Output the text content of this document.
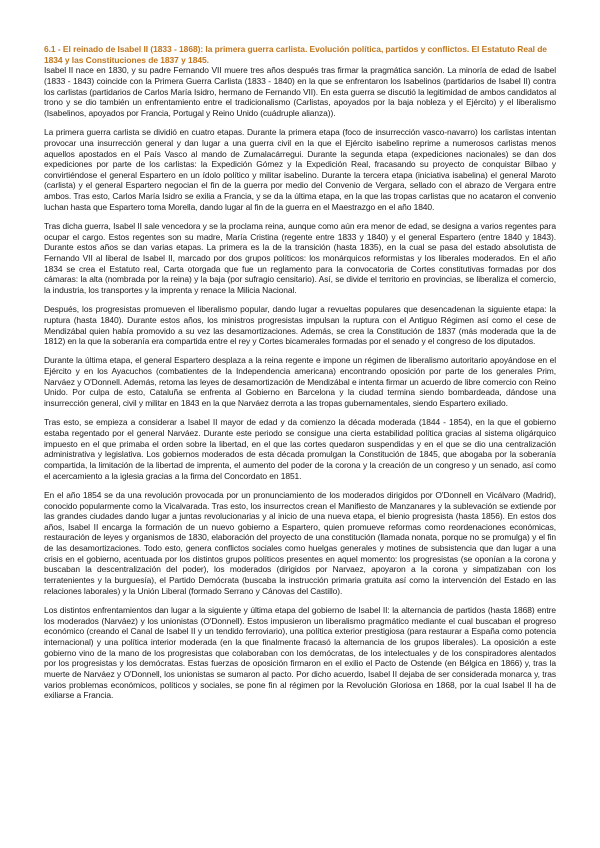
6.1 - El reinado de Isabel II (1833 - 1868): la primera guerra carlista. Evolución política, partidos y conflictos. El Estatuto Real de 1834 y las Constituciones de 1837 y 1845.

Isabel II nace en 1830, y su padre Fernando VII muere tres años después tras firmar la pragmática sanción. La minoría de edad de Isabel (1833 - 1843) coincide con la Primera Guerra Carlista (1833 - 1840) en la que se enfrentaron los Isabelinos (partidarios de Isabel II) contra los carlistas (partidarios de Carlos María Isidro, hermano de Fernando VII). En esta guerra se discutió la legitimidad de ambos candidatos al trono y se dio también un enfrentamiento entre el tradicionalismo (Carlistas, apoyados por la baja nobleza y el Ejército) y el liberalismo (Isabelinos, apoyados por Francia, Portugal y Reino Unido (cuádruple alianza)).

La primera guerra carlista se dividió en cuatro etapas. Durante la primera etapa (foco de insurrección vasco-navarro) los carlistas intentan provocar una insurrección general y dan lugar a una guerra civil en la que el Ejército isabelino reprime a numerosos carlistas menos aquellos apostados en el País Vasco al mando de Zumalacárregui. Durante la segunda etapa (expediciones nacionales) se dan dos expediciones por parte de los carlistas: la Expedición Gómez y la Expedición Real, fracasando su proyecto de conquistar Bilbao y convirtiéndose el general Espartero en un ídolo político y militar isabelino. Durante la tercera etapa (iniciativa isabelina) el general Maroto (carlista) y el general Espartero negocian el fin de la guerra por medio del Convenio de Vergara, sellado con el abrazo de Vergara entre ambos. Tras esto, Carlos María Isidro se exilia a Francia, y se da la última etapa, en la que las tropas carlistas que no acataron el convenio luchan hasta que Espartero toma Morella, dando lugar al fin de la guerra en el Maestrazgo en el año 1840.

Tras dicha guerra, Isabel II sale vencedora y se la proclama reina, aunque como aún era menor de edad, se designa a varios regentes para ocupar el cargo. Estos regentes son su madre, María Cristina (regente entre 1833 y 1840) y el general Espartero (entre 1840 y 1843). Durante estos años se dan varias etapas. La primera es la de la transición (hasta 1835), en la cual se pasa del estado absolutista de Fernando VII al liberal de Isabel II, marcado por dos grupos políticos: los monárquicos reformistas y los liberales moderados. En el año 1834 se crea el Estatuto real, Carta otorgada que fue un reglamento para la convocatoria de Cortes constitutivas formadas por dos cámaras: la alta (nombrada por la reina) y la baja (por sufragio censitario). Así, se divide el territorio en provincias, se liberaliza el comercio, la industria, los transportes y la imprenta y renace la Milicia Nacional.

Después, los progresistas promueven el liberalismo popular, dando lugar a revueltas populares que desencadenan la siguiente etapa: la ruptura (hasta 1840). Durante estos años, los ministros progresistas impulsan la ruptura con el Antiguo Régimen así como el cese de Mendizábal quien había promovido a su vez las desamortizaciones. Además, se crea la Constitución de 1837 (más moderada que la de 1812) en la que la soberanía era compartida entre el rey y Cortes bicamerales formadas por el senado y el congreso de los diputados.

Durante la última etapa, el general Espartero desplaza a la reina regente e impone un régimen de liberalismo autoritario apoyándose en el Ejército y en los Ayacuchos (combatientes de la Independencia americana) encontrando oposición por parte de los generales Prim, Narváez y O'Donnell. Además, retoma las leyes de desamortización de Mendizábal e intenta firmar un acuerdo de libre comercio con Reino Unido. Por culpa de esto, Cataluña se enfrenta al Gobierno en Barcelona y la ciudad termina siendo bombardeada, dándose una insurrección general, civil y militar en 1843 en la que Narváez derrota a las tropas gubernamentales, siendo Espartero exiliado.

Tras esto, se empieza a considerar a Isabel II mayor de edad y da comienzo la década moderada (1844 - 1854), en la que el gobierno estaba regentado por el general Narváez. Durante este periodo se consigue una cierta estabilidad política gracias al sistema oligárquico impuesto en el que primaba el orden sobre la libertad, en el que las cortes quedaron suspendidas y en el que se dio una centralización administrativa y legislativa. Los gobiernos moderados de esta década promulgan la Constitución de 1845, que abogaba por la soberanía compartida, la limitación de la libertad de imprenta, el aumento del poder de la corona y la creación de un congreso y un senado, así como el acercamiento a la iglesia gracias a la firma del Concordato en 1851.

En el año 1854 se da una revolución provocada por un pronunciamiento de los moderados dirigidos por O'Donnell en Vicálvaro (Madrid), conocido popularmente como la Vicalvarada. Tras esto, los insurrectos crean el Manifiesto de Manzanares y la sublevación se extiende por las grandes ciudades dando lugar a juntas revolucionarias y al inicio de una nueva etapa, el bienio progresista (hasta 1856). En estos dos años, Isabel II encarga la formación de un nuevo gobierno a Espartero, quien promueve reformas como reordenaciones económicas, restauración de leyes y organismos de 1830, elaboración del proyecto de una constitución (llamada nonata, porque no se promulga) y el fin de las desamortizaciones. Todo esto, genera conflictos sociales como huelgas generales y motines de subsistencia que dan lugar a una crisis en el gobierno, acentuada por los distintos grupos políticos presentes en aquel momento: los progresistas (se oponían a la corona y buscaban la descentralización del poder), los moderados (dirigidos por Narvaez, apoyaron a la corona y simpatizaban con los terratenientes y la burguesía), el Partido Demócrata (buscaba la instrucción primaria gratuita así como la intervención del Estado en las relaciones laborales) y la Unión Liberal (formado Serrano y Cánovas del Castillo).

Los distintos enfrentamientos dan lugar a la siguiente y última etapa del gobierno de Isabel II: la alternancia de partidos (hasta 1868) entre los moderados (Narváez) y los unionistas (O'Donnell). Estos impusieron un liberalismo pragmático mediante el cual buscaban el progreso económico (creando el Canal de Isabel II y un tendido ferroviario), una política exterior prestigiosa (para restaurar a España como potencia internacional) y una política interior moderada (en la que finalmente fracasó la alternancia de los grupos liberales). La oposición a este gobierno vino de la mano de los progresistas que colaboraban con los demócratas, de los intelectuales y de los conspiradores alentados por los progresistas y los demócratas. Estas fuerzas de oposición firmaron en el exilio el Pacto de Ostende (en Bélgica en 1866) y, tras la muerte de Narváez y O'Donnell, los unionistas se sumaron al pacto. Por dicho acuerdo, Isabel II dejaba de ser considerada monarca y, tras varios problemas económicos, políticos y sociales, se pone fin al régimen por la Revolución Gloriosa en 1868, por la cual Isabel II ha de exiliarse a Francia.
